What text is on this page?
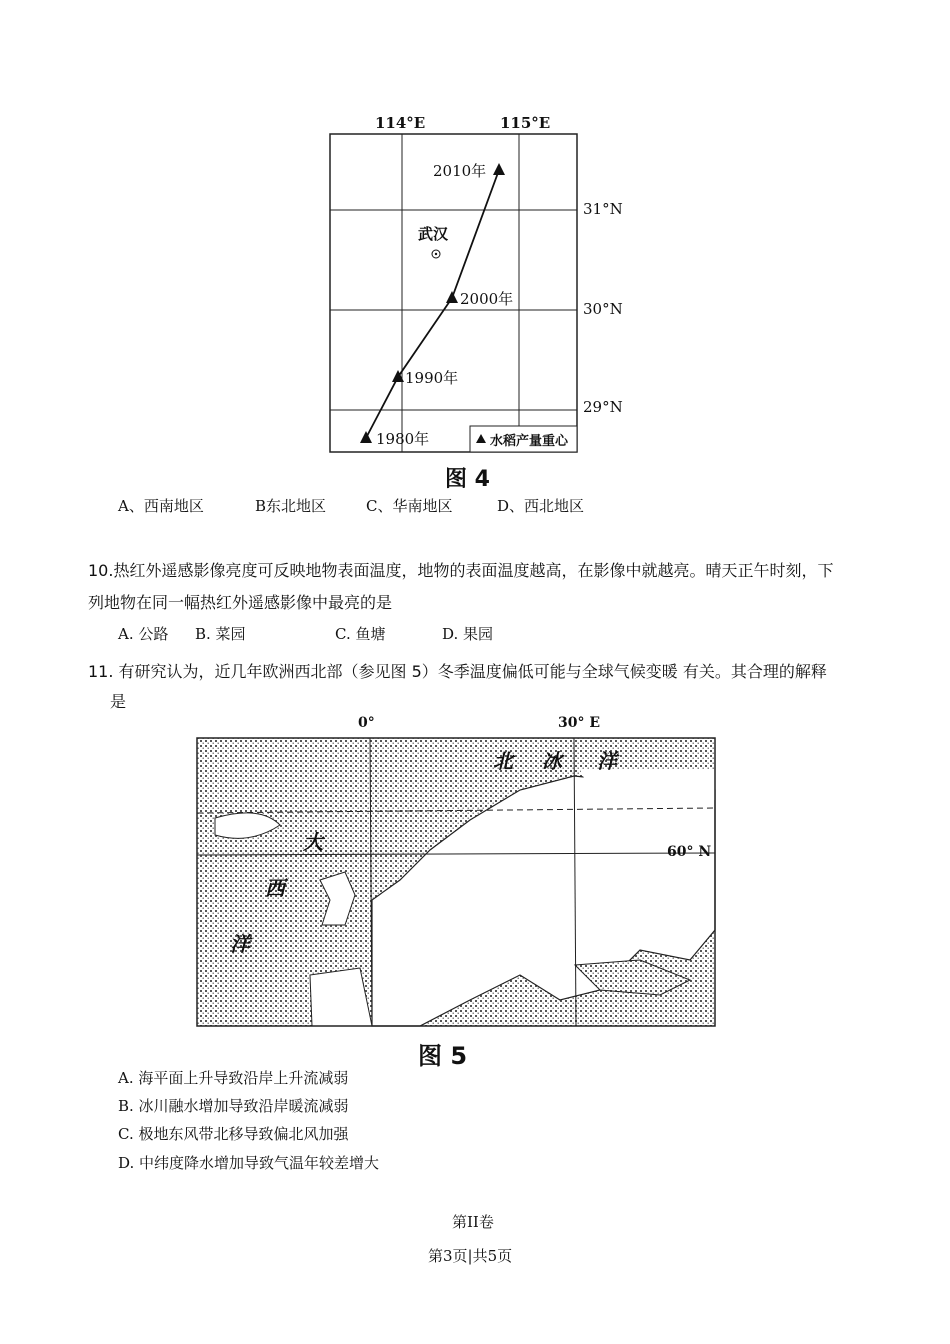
114°E	115°E
31°N
30°N
29°N
武汉
2010年
2000年
1990年
1980年	水稻产量重心
图 4
A、西南地区	B东北地区	C、华南地区	D、西北地区
10.热红外遥感影像亮度可反映地物表面温度，地物的表面温度越高，在影像中就越亮。晴天正午时刻，下
列地物在同一幅热红外遥感影像中最亮的是
A. 公路 B. 菜园	C. 鱼塘	D. 果园
11. 有研究认为，近几年欧洲西北部（参见图 5）冬季温度偏低可能与全球气候变暖 有关。其合理的解释
是
0°	30° E
60° N
北 冰 洋
大
西
洋
图 5
A. 海平面上升导致沿岸上升流减弱
B. 冰川融水增加导致沿岸暖流减弱
C. 极地东风带北移导致偏北风加强
D. 中纬度降水增加导致气温年较差增大
第II卷
第3页|共5页
